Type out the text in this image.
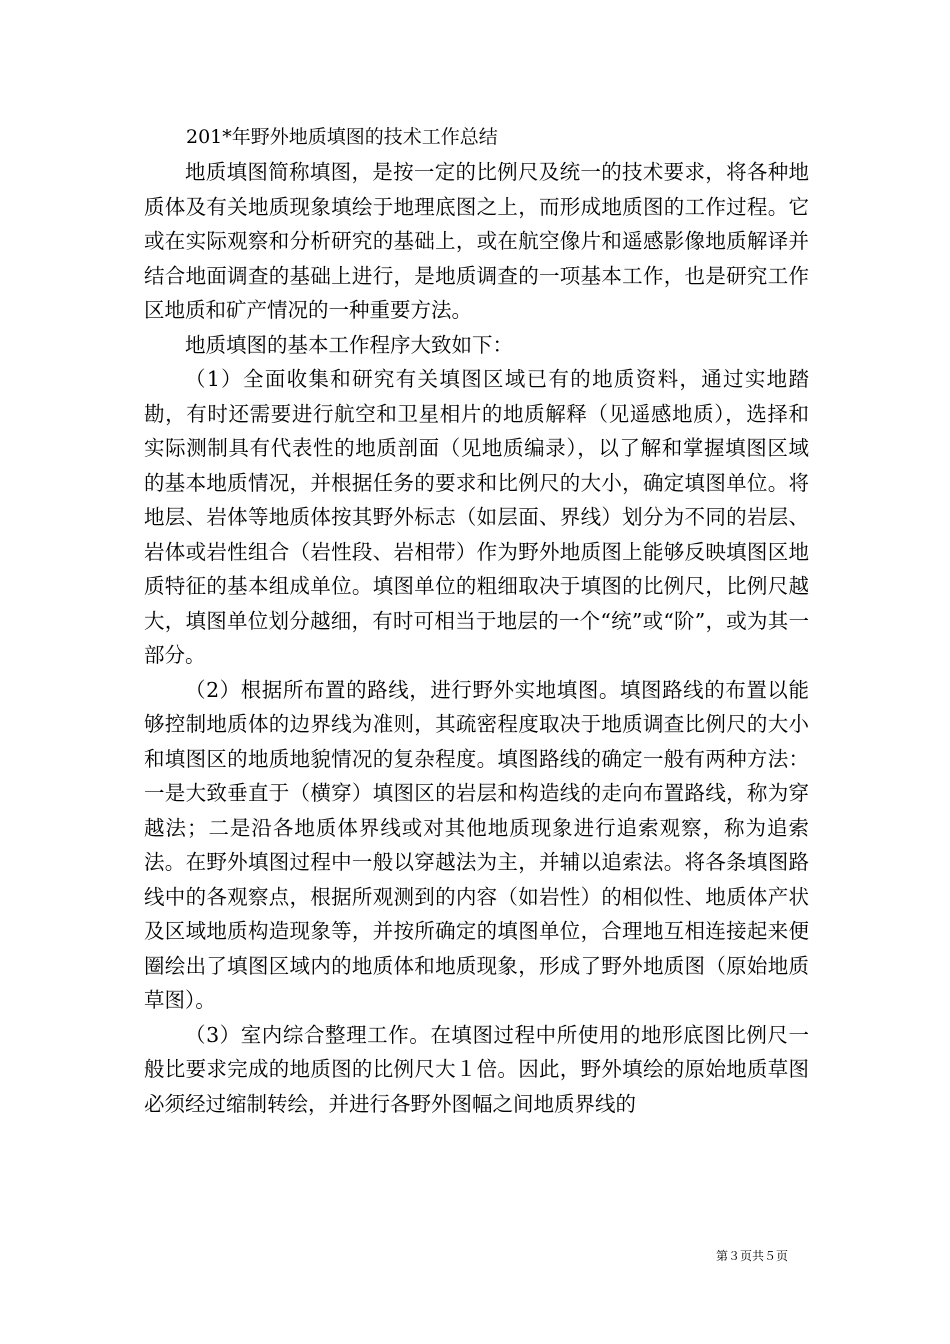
201*年野外地质填图的技术工作总结

地质填图简称填图，是按一定的比例尺及统一的技术要求，将各种地质体及有关地质现象填绘于地理底图之上，而形成地质图的工作过程。它或在实际观察和分析研究的基础上，或在航空像片和遥感影像地质解译并结合地面调查的基础上进行，是地质调查的一项基本工作，也是研究工作区地质和矿产情况的一种重要方法。

地质填图的基本工作程序大致如下：

（1）全面收集和研究有关填图区域已有的地质资料，通过实地踏勘，有时还需要进行航空和卫星相片的地质解释（见遥感地质），选择和实际测制具有代表性的地质剖面（见地质编录），以了解和掌握填图区域的基本地质情况，并根据任务的要求和比例尺的大小，确定填图单位。将地层、岩体等地质体按其野外标志（如层面、界线）划分为不同的岩层、岩体或岩性组合（岩性段、岩相带）作为野外地质图上能够反映填图区地质特征的基本组成单位。填图单位的粗细取决于填图的比例尺，比例尺越大，填图单位划分越细，有时可相当于地层的一个“统”或“阶”，或为其一部分。

（2）根据所布置的路线，进行野外实地填图。填图路线的布置以能够控制地质体的边界线为准则，其疏密程度取决于地质调查比例尺的大小和填图区的地质地貌情况的复杂程度。填图路线的确定一般有两种方法：一是大致垂直于（横穿）填图区的岩层和构造线的走向布置路线，称为穿越法；二是沿各地质体界线或对其他地质现象进行追索观察，称为追索法。在野外填图过程中一般以穿越法为主，并辅以追索法。将各条填图路线中的各观察点，根据所观测到的内容（如岩性）的相似性、地质体产状及区域地质构造现象等，并按所确定的填图单位，合理地互相连接起来便圈绘出了填图区域内的地质体和地质现象，形成了野外地质图（原始地质草图）。

（3）室内综合整理工作。在填图过程中所使用的地形底图比例尺一般比要求完成的地质图的比例尺大１倍。因此，野外填绘的原始地质草图必须经过缩制转绘，并进行各野外图幅之间地质界线的

第３页共５页
